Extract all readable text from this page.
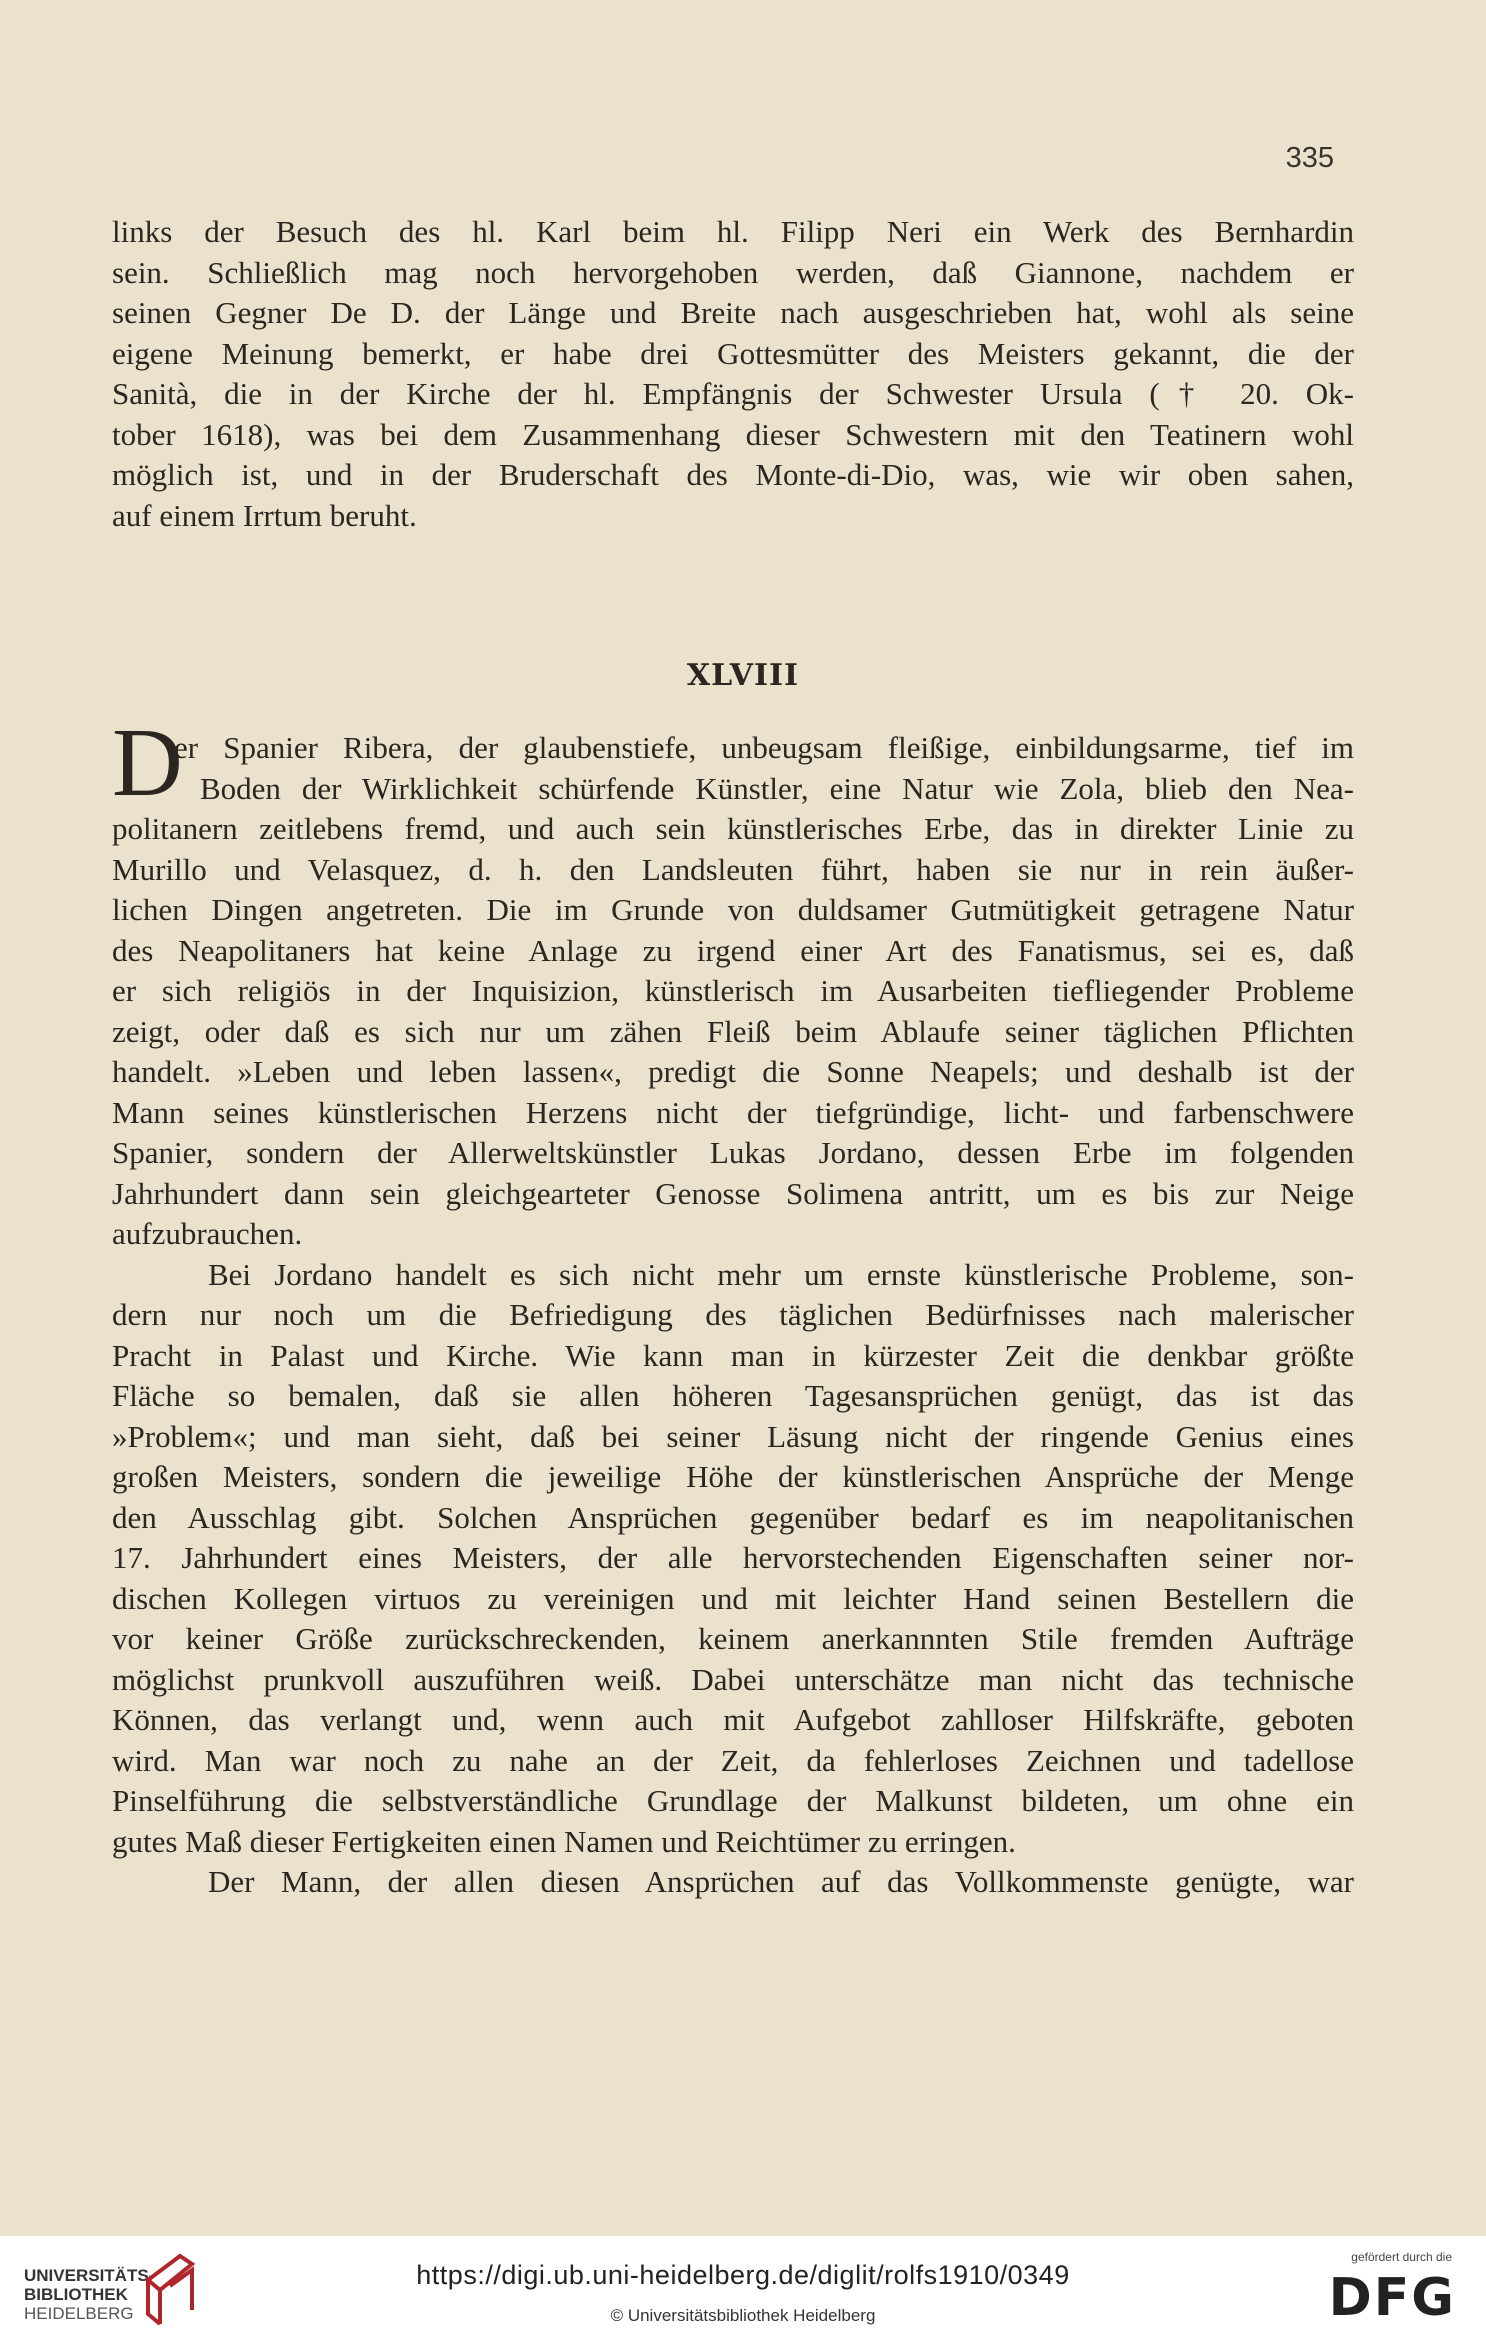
335
links der Besuch des hl. Karl beim hl. Filipp Neri ein Werk des Bernhardin
sein. Schließlich mag noch hervorgehoben werden, daß Giannone, nachdem er
seinen Gegner De D. der Länge und Breite nach ausgeschrieben hat, wohl als seine
eigene Meinung bemerkt, er habe drei Gottesmütter des Meisters gekannt, die der
Sanità, die in der Kirche der hl. Empfängnis der Schwester Ursula († 20. Ok-
tober 1618), was bei dem Zusammenhang dieser Schwestern mit den Teatinern wohl
möglich ist, und in der Bruderschaft des Monte-di-Dio, was, wie wir oben sahen,
auf einem Irrtum beruht.
XLVIII
D
er Spanier Ribera, der glaubenstiefe, unbeugsam fleißige, einbildungsarme, tief im
Boden der Wirklichkeit schürfende Künstler, eine Natur wie Zola, blieb den Nea-
politanern zeitlebens fremd, und auch sein künstlerisches Erbe, das in direkter Linie zu
Murillo und Velasquez, d. h. den Landsleuten führt, haben sie nur in rein äußer-
lichen Dingen angetreten. Die im Grunde von duldsamer Gutmütigkeit getragene Natur
des Neapolitaners hat keine Anlage zu irgend einer Art des Fanatismus, sei es, daß
er sich religiös in der Inquisizion, künstlerisch im Ausarbeiten tiefliegender Probleme
zeigt, oder daß es sich nur um zähen Fleiß beim Ablaufe seiner täglichen Pflichten
handelt. »Leben und leben lassen«, predigt die Sonne Neapels; und deshalb ist der
Mann seines künstlerischen Herzens nicht der tiefgründige, licht- und farbenschwere
Spanier, sondern der Allerweltskünstler Lukas Jordano, dessen Erbe im folgenden
Jahrhundert dann sein gleichgearteter Genosse Solimena antritt, um es bis zur Neige
aufzubrauchen.
Bei Jordano handelt es sich nicht mehr um ernste künstlerische Probleme, son-
dern nur noch um die Befriedigung des täglichen Bedürfnisses nach malerischer
Pracht in Palast und Kirche. Wie kann man in kürzester Zeit die denkbar größte
Fläche so bemalen, daß sie allen höheren Tagesansprüchen genügt, das ist das
»Problem«; und man sieht, daß bei seiner Läsung nicht der ringende Genius eines
großen Meisters, sondern die jeweilige Höhe der künstlerischen Ansprüche der Menge
den Ausschlag gibt. Solchen Ansprüchen gegenüber bedarf es im neapolitanischen
17. Jahrhundert eines Meisters, der alle hervorstechenden Eigenschaften seiner nor-
dischen Kollegen virtuos zu vereinigen und mit leichter Hand seinen Bestellern die
vor keiner Größe zurückschreckenden, keinem anerkannnten Stile fremden Aufträge
möglichst prunkvoll auszuführen weiß. Dabei unterschätze man nicht das technische
Können, das verlangt und, wenn auch mit Aufgebot zahlloser Hilfskräfte, geboten
wird. Man war noch zu nahe an der Zeit, da fehlerloses Zeichnen und tadellose
Pinselführung die selbstverständliche Grundlage der Malkunst bildeten, um ohne ein
gutes Maß dieser Fertigkeiten einen Namen und Reichtümer zu erringen.
Der Mann, der allen diesen Ansprüchen auf das Vollkommenste genügte, war
UNIVERSITÄTS-
BIBLIOTHEK
HEIDELBERG
https://digi.ub.uni-heidelberg.de/diglit/rolfs1910/0349
© Universitätsbibliothek Heidelberg
gefördert durch die
DFG
